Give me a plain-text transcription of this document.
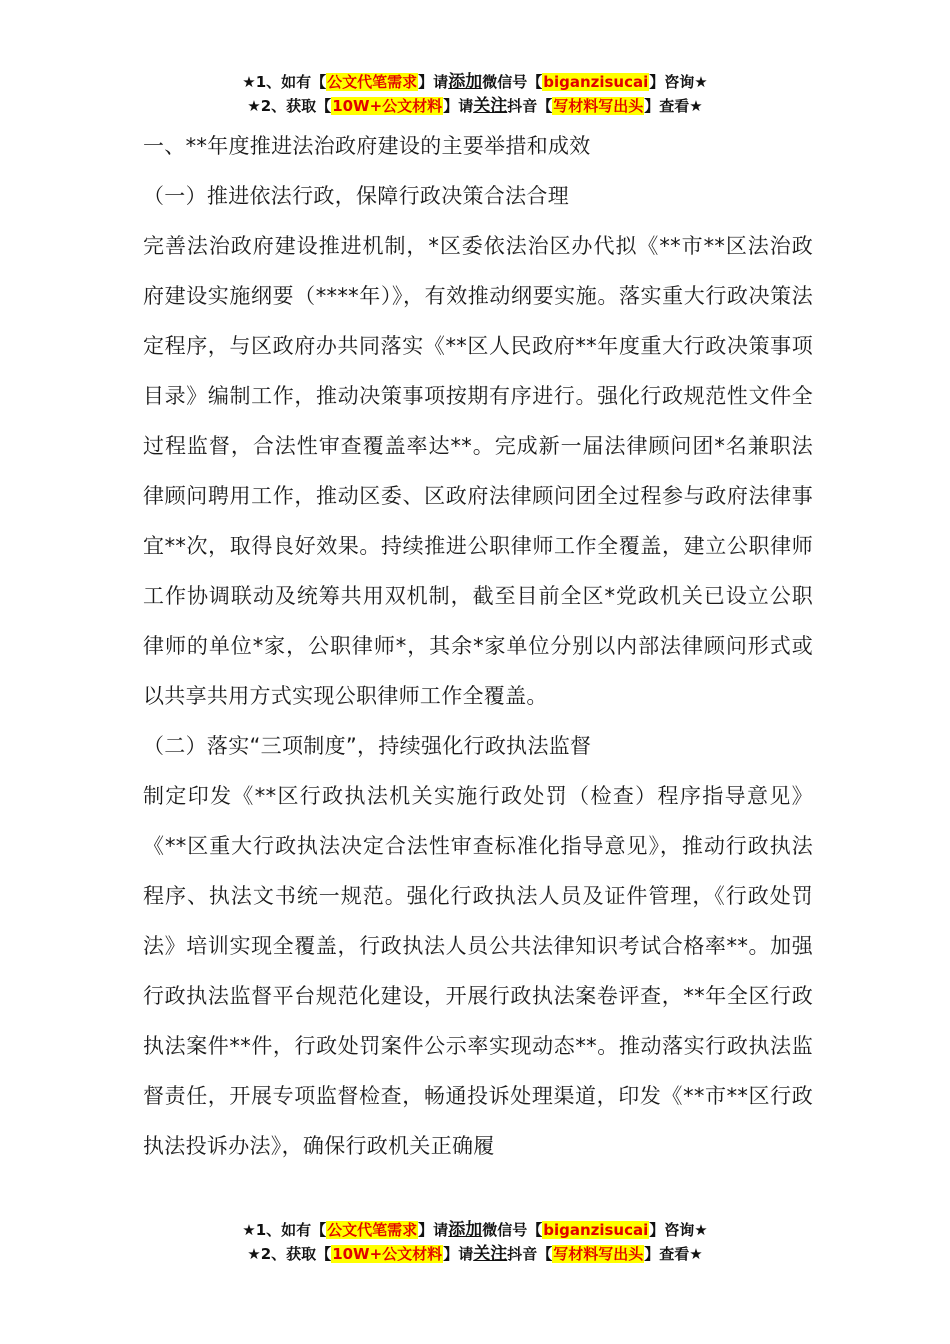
★1、如有【公文代笔需求】请添加微信号【biganzisucai】咨询★
★2、获取【10W+公文材料】请关注抖音【写材料写出头】查看★

一、**年度推进法治政府建设的主要举措和成效

（一）推进依法行政，保障行政决策合法合理

完善法治政府建设推进机制，*区委依法治区办代拟《**市**区法治政府建设实施纲要（****年）》，有效推动纲要实施。落实重大行政决策法定程序，与区政府办共同落实《**区人民政府**年度重大行政决策事项目录》编制工作，推动决策事项按期有序进行。强化行政规范性文件全过程监督，合法性审查覆盖率达**。完成新一届法律顾问团*名兼职法律顾问聘用工作，推动区委、区政府法律顾问团全过程参与政府法律事宜**次，取得良好效果。持续推进公职律师工作全覆盖，建立公职律师工作协调联动及统筹共用双机制，截至目前全区*党政机关已设立公职律师的单位*家，公职律师*，其余*家单位分别以内部法律顾问形式或以共享共用方式实现公职律师工作全覆盖。

（二）落实“三项制度”，持续强化行政执法监督

制定印发《**区行政执法机关实施行政处罚（检查）程序指导意见》《**区重大行政执法决定合法性审查标准化指导意见》，推动行政执法程序、执法文书统一规范。强化行政执法人员及证件管理，《行政处罚法》培训实现全覆盖，行政执法人员公共法律知识考试合格率**。加强行政执法监督平台规范化建设，开展行政执法案卷评查，**年全区行政执法案件**件，行政处罚案件公示率实现动态**。推动落实行政执法监督责任，开展专项监督检查，畅通投诉处理渠道，印发《**市**区行政执法投诉办法》，确保行政机关正确履

★1、如有【公文代笔需求】请添加微信号【biganzisucai】咨询★
★2、获取【10W+公文材料】请关注抖音【写材料写出头】查看★
